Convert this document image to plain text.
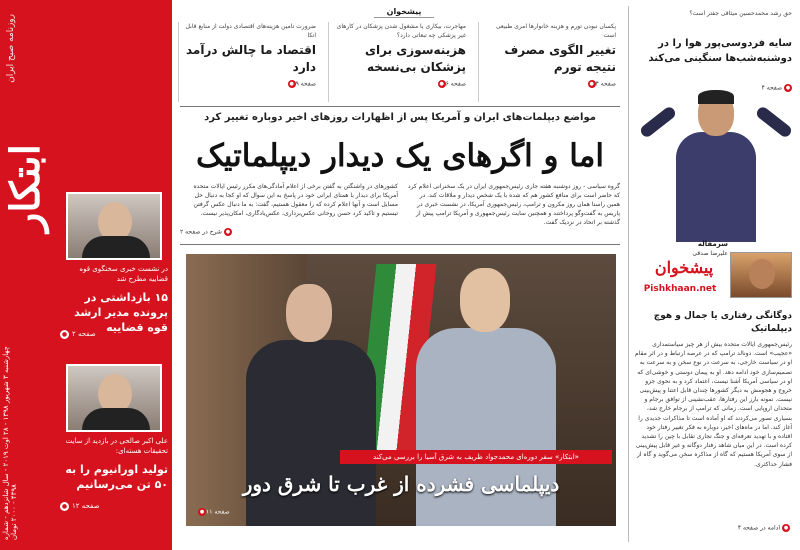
ابتکار
روزنامه صبح ایران
چهارشنبه ۳ شهریور ۱۳۹۸ - ۲۸ اوت ۲۰۱۹ - سال شانزدهم - شماره ۴۳۹۸ - ۲۰۰۰ تومان
در نشست خبری سخنگوی قوه قضاییه مطرح شد
۱۵ بازداشتی در پرونده مدیر ارشد قوه قضاییه
● صفحه ۲
علی اکبر صالحی در بازدید از سایت تحقیقات هسته‌ای:
تولید اورانیوم را به ۵۰ تن می‌رسانیم
● صفحه ۱۲
پیشخوان
پکسان نبودن تورم و هزینه خانوارها امری طبیعی است
تغییر الگوی مصرف نتیجه تورم
صفحه ۴●
مهاجرت، بیکاری یا مشغول شدن پزشکان در کارهای غیر پزشکی چه تبعاتی دارد؟
هزینه‌سوزی برای پزشکان بی‌نسخه
صفحه ۶●
ضرورت تامین هزینه‌های اقتصادی دولت از منابع قابل اتکا
اقتصاد ما چالش درآمد دارد
صفحه ۹●
مواضع دیپلمات‌های ایران و آمریکا پس از اظهارات روزهای اخیر دوباره تغییر کرد
اما و اگرهای یک دیدار دیپلماتیک
گروه سیاسی - روز دوشنبه هفته جاری رئیس‌جمهوری ایران در یک سخنرانی اعلام کرد که حاضر است برای منافع کشور هم که شده با یک شخص دیدار و ملاقات کند. در همین راستا همان روز مکرون و ترامپ، رئیس‌جمهوری آمریکا، در نشست خبری در پاریس به گفت‌وگو پرداختند و همچنین سایت رئیس‌جمهوری و آمریکا ترامپ پیش از گذشته بر اتحاد در نزدیک گفت.
کشورهای در واشنگتن به گفتن برخی از اعلام آمادگی‌های مکرر رئیس ایالات متحده آمریکا برای دیدار با همتای ایرانی خود در پاسخ به این سوال که او کجا به دنبال حل مسایل است و آنها اعلام کرده که را معقول هستیم، گفت: به ما دنبال عکس گرفتن تیستیم و تاکید کرد حسن روحانی عکس‌برداری، عکس‌یادگاری، امکان‌پذیر نیست.
●شرح در صفحه ۲
«ابتکار» سفر دوره‌ای محمدجواد ظریف به شرق آسیا را بررسی می‌کند
دیپلماسی فشرده از غرب تا شرق دور
● صفحه ۱۱
حق رشد محمدحسین میثاقی جفتر است؟
سایه فردوسی‌پور هوا را در دوشنبه‌شب‌ها سنگینی می‌کند
صفحه ۴ ●
سرمقاله
علیرضا صدقی
پیشخوان
Pishkhaan.net
دوگانگی رفتاری یا جمال و هوچ دیپلماتیک
رئیس‌جمهوری ایالات متحده بیش از هر چیز سیاستمداری «عجیب» است. دونالد ترامپ که در عرصه ارتباط و در اثر مقام او در سیاست خارجی، به سرعت در نوع سخن و به سرعت به تصمیم‌سازی خود ادامه دهد. او به پیمان دوستی و خوشی‌ای که او در سیاسی آمریکا آشنا نیست، اعتماد کرد و به نحوی جزو خروج و هجومش به دیگر کشورها چندان قابل اعتنا و پیش‌بینی نیست. نمونه بارز این رفتارها، عقب‌نشینی از توافق برجام و متحدان اروپایی است. زمانی که ترامپ از برجام خارج شد، بسیاری تصور می‌کردند که او آماده است تا مذاکرات جدیدی را آغاز کند. اما در ماه‌های اخیر، دوباره به فکر تغییر رفتار خود افتاده و با تهدید تعرفه‌ای و جنگ تجاری تقابل با چین را تشدید کرده است. در این میان شاهد رفتار دوگانه و غیر قابل پیش‌بینی از سوی آمریکا هستیم که گاه از مذاکره سخن می‌گوید و گاه از فشار حداکثری.
ادامه در صفحه ۴ ●
